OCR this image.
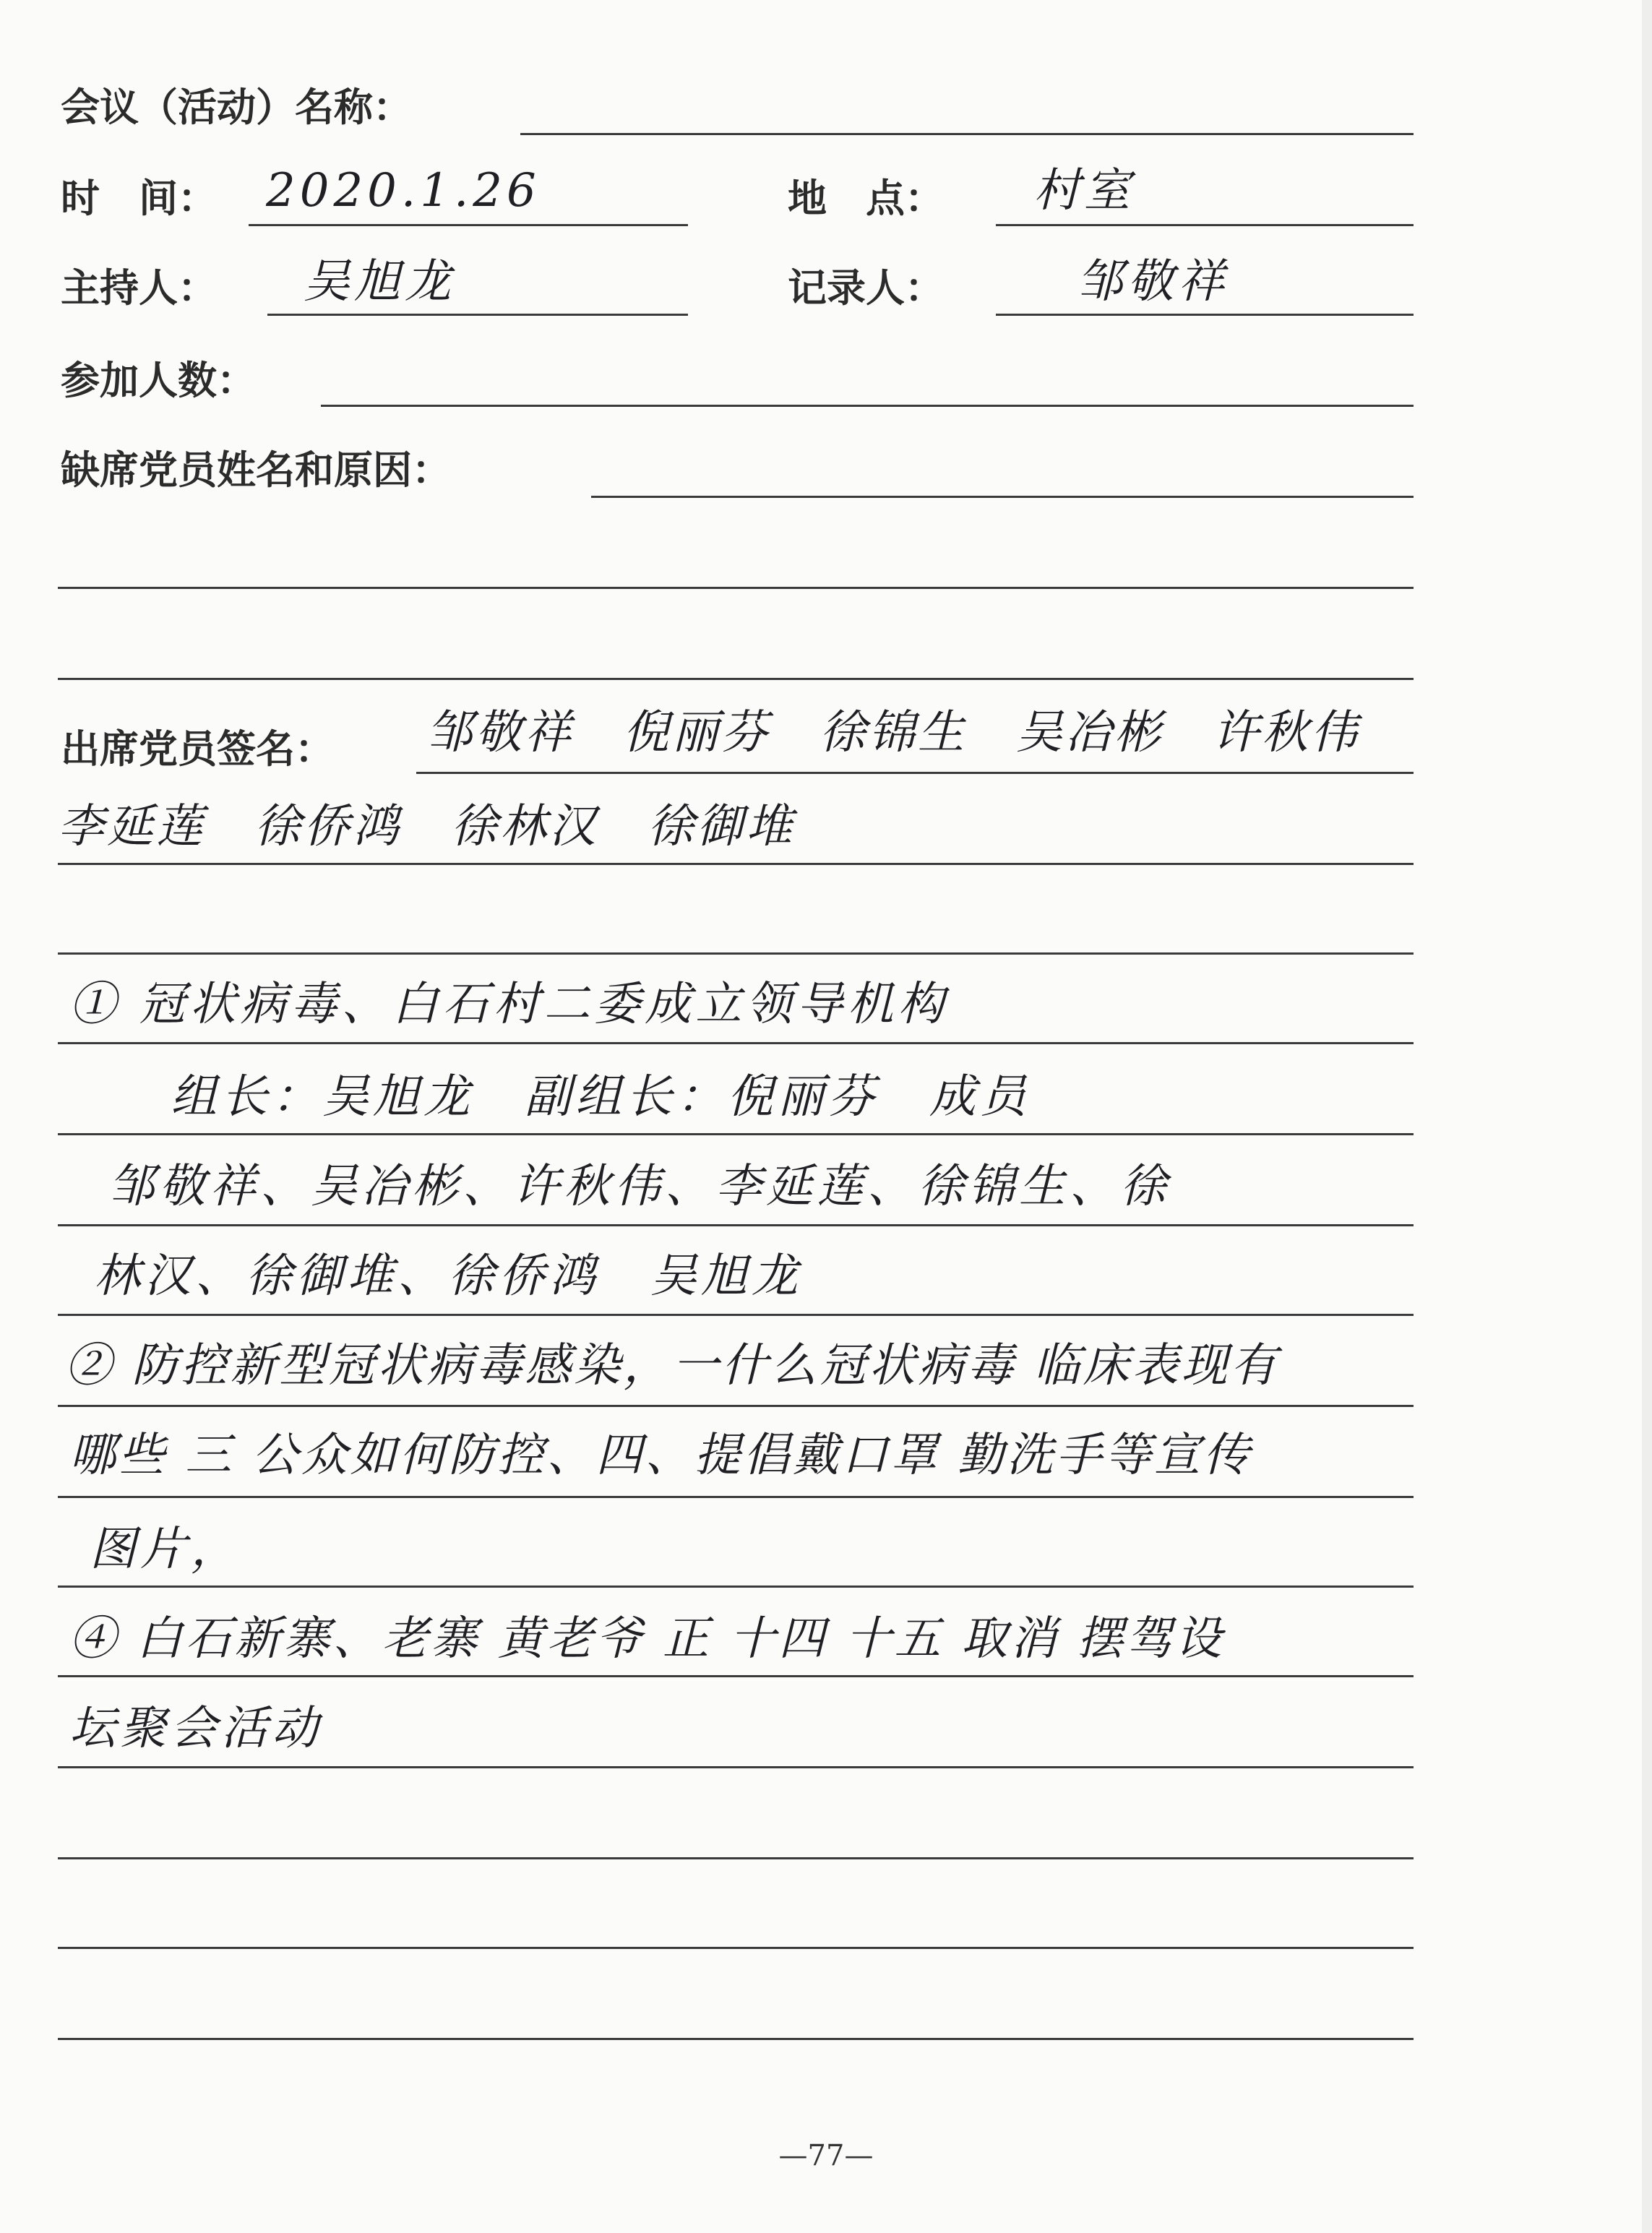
会议（活动）名称：
时　间： 2020.1.26	地　点： 村室
主持人： 吴旭龙	记录人：	邹敬祥
参加人数：
缺席党员姓名和原因：
出席党员签名： 邹敬祥　倪丽芬　徐锦生　吴冶彬　许秋伟
李延莲　徐侨鸿　徐林汉　徐御堆
① 冠状病毒、白石村二委成立领导机构
组长：吴旭龙　副组长：倪丽芬　成员
邹敬祥、吴冶彬、许秋伟、李延莲、徐锦生、徐
林汉、徐御堆、徐侨鸿　吴旭龙
② 防控新型冠状病毒感染，一什么冠状病毒 临床表现有
哪些 三 公众如何防控、四、提倡戴口罩 勤洗手等宣传
图片，
④ 白石新寨、老寨 黄老爷 正 十四 十五 取消 摆驾设
坛聚会活动
—77—
